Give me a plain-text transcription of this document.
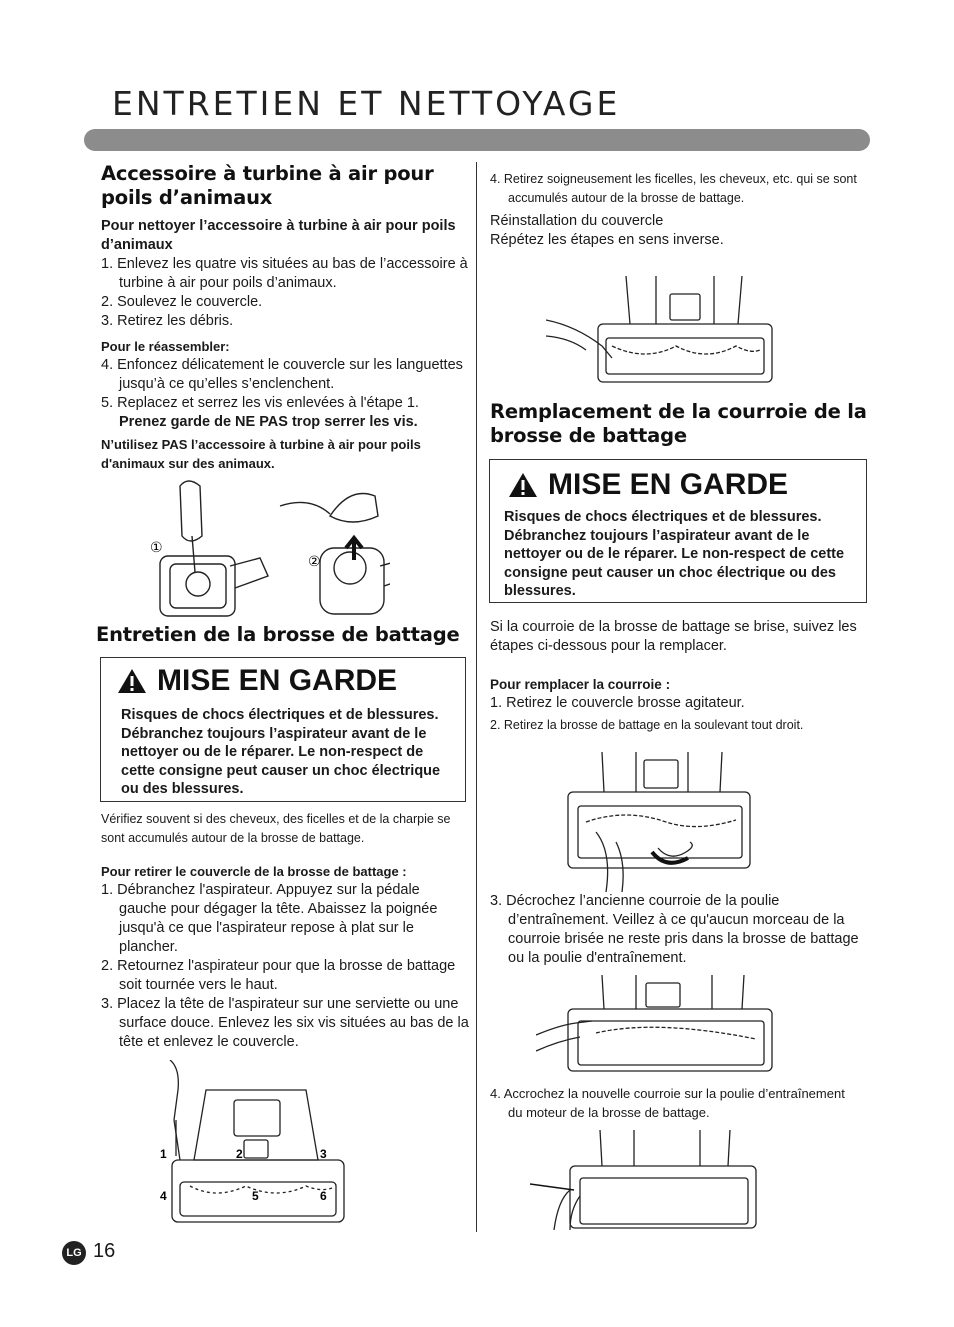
ENTRETIEN ET NETTOYAGE
Accessoire à turbine à air pour poils d’animaux
Pour nettoyer l’accessoire à turbine à air pour poils d’animaux
1. Enlevez les quatre vis situées au bas de l’accessoire à turbine à air pour poils d’animaux.
2. Soulevez le couvercle.
3. Retirez les débris.
Pour le réassembler:
4. Enfoncez délicatement le couvercle sur les languettes jusqu’à ce qu’elles s’enclenchent.
5. Replacez et serrez les vis enlevées à l'étape 1.
Prenez garde de NE PAS trop serrer les vis.
N’utilisez PAS l’accessoire à turbine à air pour poils d'animaux sur des animaux.
①
②
Entretien de la brosse de battage
MISE EN GARDE
Risques de chocs électriques et de blessures. Débranchez toujours l’aspirateur avant de le nettoyer ou de le réparer. Le non-respect de cette consigne peut causer un choc électrique ou des blessures.
Vérifiez souvent si des cheveux, des ficelles et de la charpie se sont accumulés autour de la brosse de battage.
Pour retirer le couvercle de la brosse de battage :
1. Débranchez l'aspirateur. Appuyez sur la pédale gauche pour dégager la tête. Abaissez la poignée jusqu'à ce que l'aspirateur repose à plat sur le plancher.
2. Retournez l'aspirateur pour que la brosse de battage soit tournée vers le haut.
3. Placez la tête de l'aspirateur sur une serviette ou une surface douce. Enlevez les six vis situées au bas de la tête et enlevez le couvercle.
1	2	3
4	5	6
4. Retirez soigneusement les ficelles, les cheveux, etc. qui se sont accumulés autour de la brosse de battage.
Réinstallation du couvercle
Répétez les étapes en sens inverse.
Remplacement de la courroie de la brosse de battage
MISE EN GARDE
Risques de chocs électriques et de blessures. Débranchez toujours l’aspirateur avant de le nettoyer ou de le réparer. Le non-respect de cette consigne peut causer un choc électrique ou des blessures.
Si la courroie de la brosse de battage se brise, suivez les étapes ci-dessous pour la remplacer.
Pour remplacer la courroie :
1. Retirez le couvercle brosse agitateur.
2. Retirez la brosse de battage en la soulevant tout droit.
3. Décrochez l’ancienne courroie de la poulie d’entraînement. Veillez à ce qu'aucun morceau de la courroie brisée ne reste pris dans la brosse de battage ou la poulie d'entraînement.
4. Accrochez la nouvelle courroie sur la poulie d’entraînement du moteur de la brosse de battage.
LG 16
